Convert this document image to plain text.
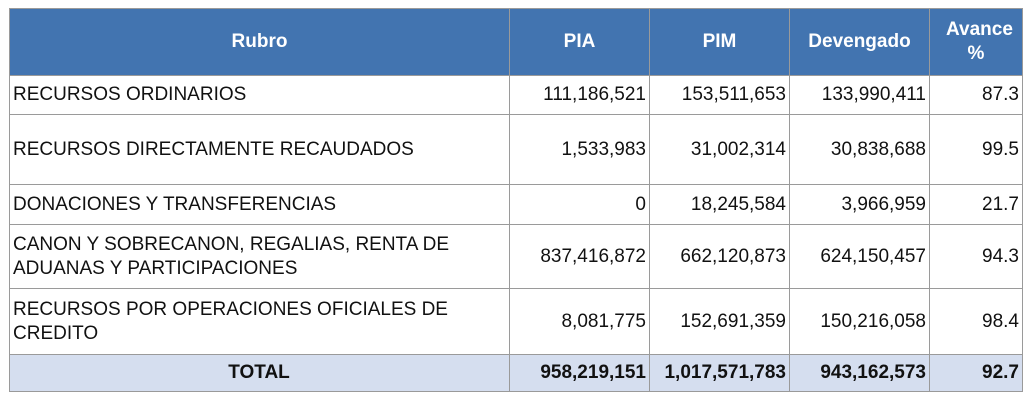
Rubro	PIA	PIM	Devengado	Avance %
RECURSOS ORDINARIOS	111,186,521	153,511,653	133,990,411	87.3
RECURSOS DIRECTAMENTE RECAUDADOS	1,533,983	31,002,314	30,838,688	99.5
DONACIONES Y TRANSFERENCIAS	0	18,245,584	3,966,959	21.7
CANON Y SOBRECANON, REGALIAS, RENTA DE ADUANAS Y PARTICIPACIONES	837,416,872	662,120,873	624,150,457	94.3
RECURSOS POR OPERACIONES OFICIALES DE CREDITO	8,081,775	152,691,359	150,216,058	98.4
TOTAL	958,219,151	1,017,571,783	943,162,573	92.7
